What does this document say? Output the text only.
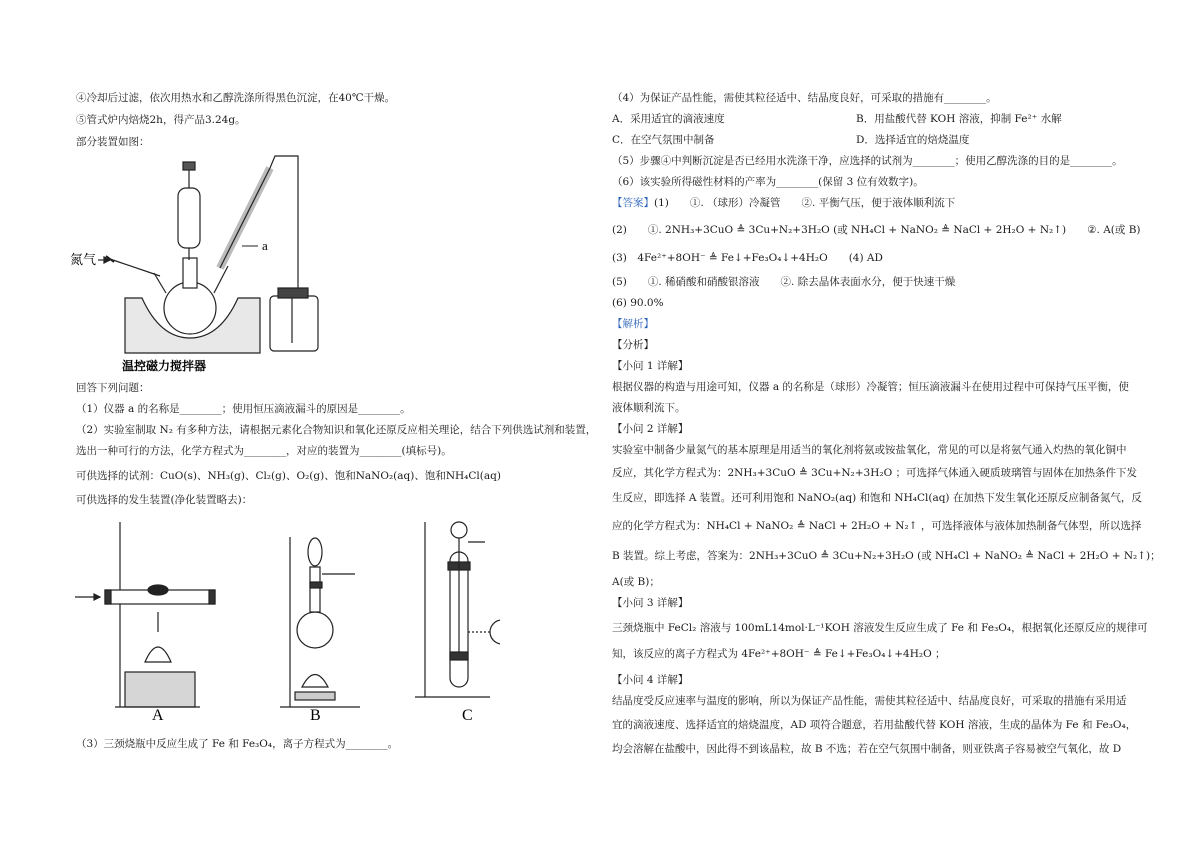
④冷却后过滤，依次用热水和乙醇洗涤所得黑色沉淀，在40℃干燥。
⑤管式炉内焙烧2h，得产品3.24g。
部分装置如图：
回答下列问题：
（1）仪器 a 的名称是________；使用恒压滴液漏斗的原因是________。
（2）实验室制取 N₂ 有多种方法，请根据元素化合物知识和氧化还原反应相关理论，结合下列供选试剂和装置，
选出一种可行的方法，化学方程式为________，对应的装置为________(填标号)。
可供选择的试剂：CuO(s)、NH₃(g)、Cl₂(g)、O₂(g)、饱和NaNO₂(aq)、饱和NH₄Cl(aq)
可供选择的发生装置(净化装置略去)：
（3）三颈烧瓶中反应生成了 Fe 和 Fe₃O₄，离子方程式为________。
氮气
a
温控磁力搅拌器
A	B	C
（4）为保证产品性能，需使其粒径适中、结晶度良好，可采取的措施有________。
A．采用适宜的滴液速度	B．用盐酸代替 KOH 溶液，抑制 Fe²⁺ 水解
C．在空气氛围中制备	D．选择适宜的焙烧温度
（5）步骤④中判断沉淀是否已经用水洗涤干净，应选择的试剂为________；使用乙醇洗涤的目的是________。
（6）该实验所得磁性材料的产率为________(保留 3 位有效数字)。
【答案】(1)　　①. （球形）冷凝管　　②. 平衡气压，便于液体顺利流下
(2)　　①. 2NH₃+3CuO ≜ 3Cu+N₂+3H₂O (或 NH₄Cl + NaNO₂ ≜ NaCl + 2H₂O + N₂↑)　　②. A(或 B)
(3)　4Fe²⁺+8OH⁻ ≜ Fe↓+Fe₃O₄↓+4H₂O　　(4) AD
(5)　　①. 稀硝酸和硝酸银溶液　　②. 除去晶体表面水分，便于快速干燥
(6) 90.0%
【解析】
【分析】
【小问 1 详解】
根据仪器的构造与用途可知，仪器 a 的名称是（球形）冷凝管；恒压滴液漏斗在使用过程中可保持气压平衡，使
液体顺利流下。
【小问 2 详解】
实验室中制备少量氮气的基本原理是用适当的氧化剂将氨或铵盐氧化，常见的可以是将氨气通入灼热的氧化铜中
反应，其化学方程式为：2NH₃+3CuO ≜ 3Cu+N₂+3H₂O ；可选择气体通入硬质玻璃管与固体在加热条件下发
生反应，即选择 A 装置。还可利用饱和 NaNO₂(aq) 和饱和 NH₄Cl(aq) 在加热下发生氧化还原反应制备氮气，反
应的化学方程式为：NH₄Cl + NaNO₂ ≜ NaCl + 2H₂O + N₂↑ ，可选择液体与液体加热制备气体型，所以选择
B 装置。综上考虑，答案为：2NH₃+3CuO ≜ 3Cu+N₂+3H₂O (或 NH₄Cl + NaNO₂ ≜ NaCl + 2H₂O + N₂↑)；
A(或 B)；
【小问 3 详解】
三颈烧瓶中 FeCl₂ 溶液与 100mL14mol·L⁻¹KOH 溶液发生反应生成了 Fe 和 Fe₃O₄，根据氧化还原反应的规律可
知，该反应的离子方程式为 4Fe²⁺+8OH⁻ ≜ Fe↓+Fe₃O₄↓+4H₂O ；
【小问 4 详解】
结晶度受反应速率与温度的影响，所以为保证产品性能，需使其粒径适中、结晶度良好，可采取的措施有采用适
宜的滴液速度、选择适宜的焙烧温度，AD 项符合题意，若用盐酸代替 KOH 溶液，生成的晶体为 Fe 和 Fe₃O₄，
均会溶解在盐酸中，因此得不到该晶粒，故 B 不选；若在空气氛围中制备，则亚铁离子容易被空气氧化，故 D
